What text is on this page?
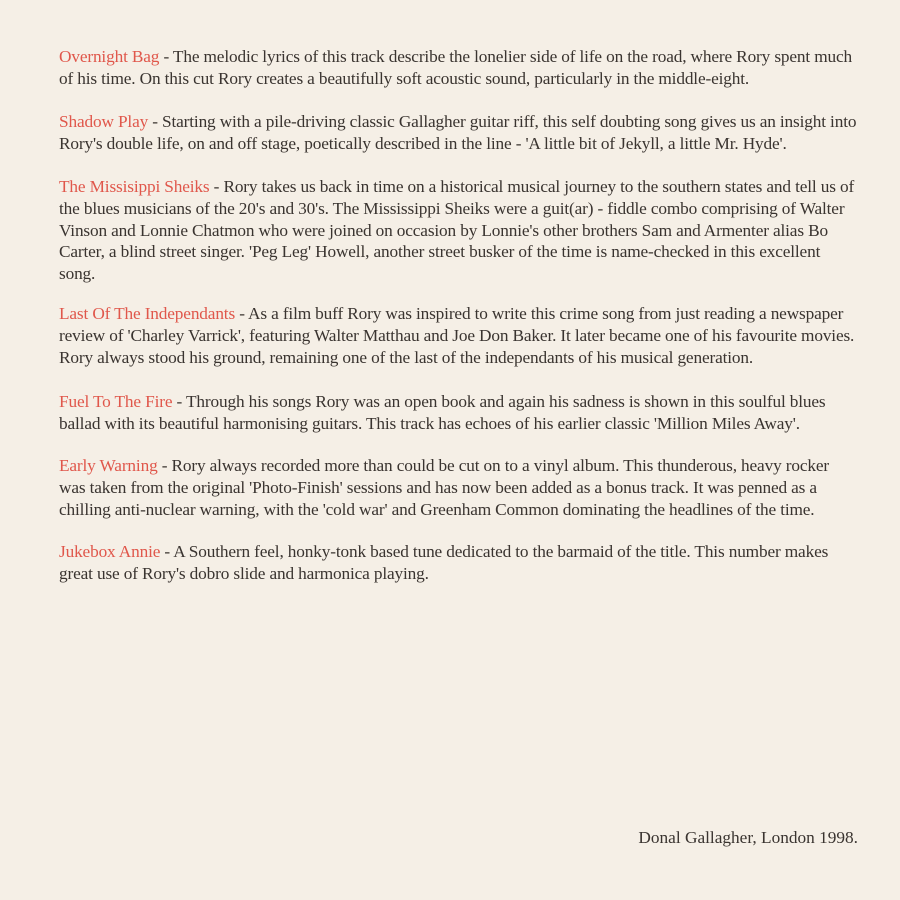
Overnight Bag - The melodic lyrics of this track describe the lonelier side of life on the road, where Rory spent much of his time. On this cut Rory creates a beautifully soft acoustic sound, particularly in the middle-eight.

Shadow Play - Starting with a pile-driving classic Gallagher guitar riff, this self doubting song gives us an insight into Rory's double life, on and off stage, poetically described in the line - 'A little bit of Jekyll, a little Mr. Hyde'.

The Missisippi Sheiks - Rory takes us back in time on a historical musical journey to the southern states and tell us of the blues musicians of the 20's and 30's. The Mississippi Sheiks were a guit(ar) - fiddle combo comprising of Walter Vinson and Lonnie Chatmon who were joined on occasion by Lonnie's other brothers Sam and Armenter alias Bo Carter, a blind street singer. 'Peg Leg' Howell, another street busker of the time is name-checked in this excellent song.

Last Of The Independants - As a film buff Rory was inspired to write this crime song from just reading a newspaper review of 'Charley Varrick', featuring Walter Matthau and Joe Don Baker. It later became one of his favourite movies. Rory always stood his ground, remaining one of the last of the independants of his musical generation.

Fuel To The Fire - Through his songs Rory was an open book and again his sadness is shown in this soulful blues ballad with its beautiful harmonising guitars. This track has echoes of his earlier classic 'Million Miles Away'.

Early Warning - Rory always recorded more than could be cut on to a vinyl album. This thunderous, heavy rocker was taken from the original 'Photo-Finish' sessions and has now been added as a bonus track. It was penned as a chilling anti-nuclear warning, with the 'cold war' and Greenham Common dominating the headlines of the time.

Jukebox Annie - A Southern feel, honky-tonk based tune dedicated to the barmaid of the title. This number makes great use of Rory's dobro slide and harmonica playing.

Donal Gallagher, London 1998.
